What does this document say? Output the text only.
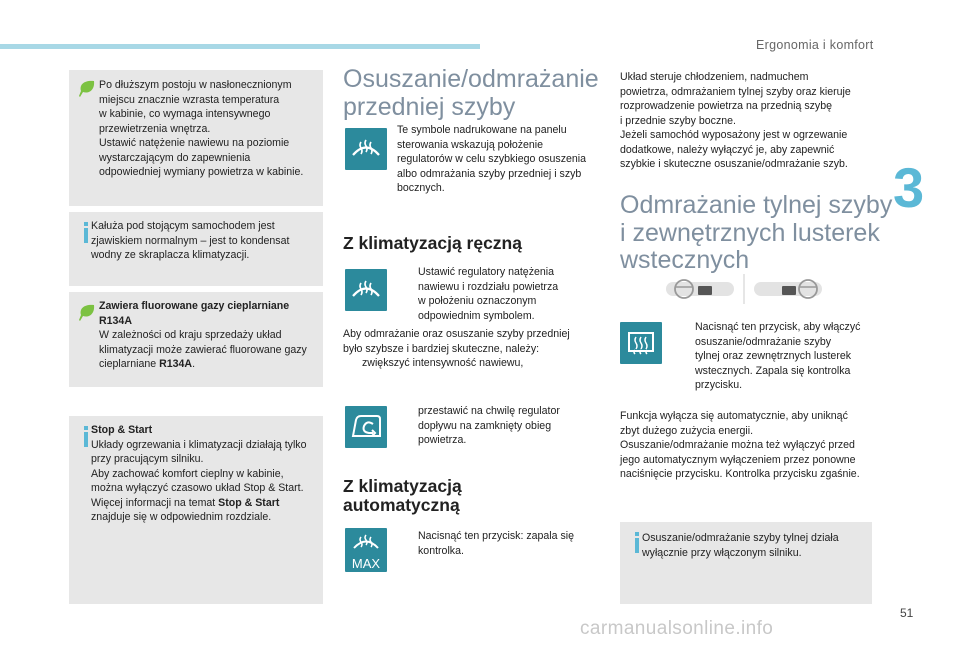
Ergonomia i komfort
3
51
carmanualsonline.info

Po dłuższym postoju w nasłonecznionym

miejscu znacznie wzrasta temperatura

w kabinie, co wymaga intensywnego

przewietrzenia wnętrza.

Ustawić natężenie nawiewu na poziomie

wystarczającym do zapewnienia

odpowiedniej wymiany powietrza w kabinie.

Kałuża pod stojącym samochodem jest

zjawiskiem normalnym – jest to kondensat

wodny ze skraplacza klimatyzacji.

Zawiera fluorowane gazy cieplarniane

R134A

W zależności od kraju sprzedaży układ

klimatyzacji może zawierać fluorowane gazy

cieplarniane R134A.

Stop & Start

Układy ogrzewania i klimatyzacji działają tylko

przy pracującym silniku.

Aby zachować komfort cieplny w kabinie,

można wyłączyć czasowo układ Stop & Start.

Więcej informacji na temat Stop & Start

znajduje się w odpowiednim rozdziale.

Osuszanie/odmrażanie
przedniej szyby
Te symbole nadrukowane na panelu
sterowania wskazują położenie
regulatorów w celu szybkiego osuszenia
albo odmrażania szyby przedniej i szyb
bocznych.
Z klimatyzacją ręczną
Ustawić regulatory natężenia
nawiewu i rozdziału powietrza
w położeniu oznaczonym
odpowiednim symbolem.
Aby odmrażanie oraz osuszanie szyby przedniej
było szybsze i bardziej skuteczne, należy:
zwiększyć intensywność nawiewu,
przestawić na chwilę regulator
dopływu na zamknięty obieg
powietrza.
Z klimatyzacją
automatyczną
MAX
Nacisnąć ten przycisk: zapala się
kontrolka.
Układ steruje chłodzeniem, nadmuchem
powietrza, odmrażaniem tylnej szyby oraz kieruje
rozprowadzenie powietrza na przednią szybę
i przednie szyby boczne.
Jeżeli samochód wyposażony jest w ogrzewanie
dodatkowe, należy wyłączyć je, aby zapewnić
szybkie i skuteczne osuszanie/odmrażanie szyb.
Odmrażanie tylnej szyby
i zewnętrznych lusterek
wstecznych
Nacisnąć ten przycisk, aby włączyć
osuszanie/odmrażanie szyby
tylnej oraz zewnętrznych lusterek
wstecznych. Zapala się kontrolka
przycisku.
Funkcja wyłącza się automatycznie, aby uniknąć
zbyt dużego zużycia energii.
Osuszanie/odmrażanie można też wyłączyć przed
jego automatycznym wyłączeniem przez ponowne
naciśnięcie przycisku. Kontrolka przycisku zgaśnie.

Osuszanie/odmrażanie szyby tylnej działa

wyłącznie przy włączonym silniku.
